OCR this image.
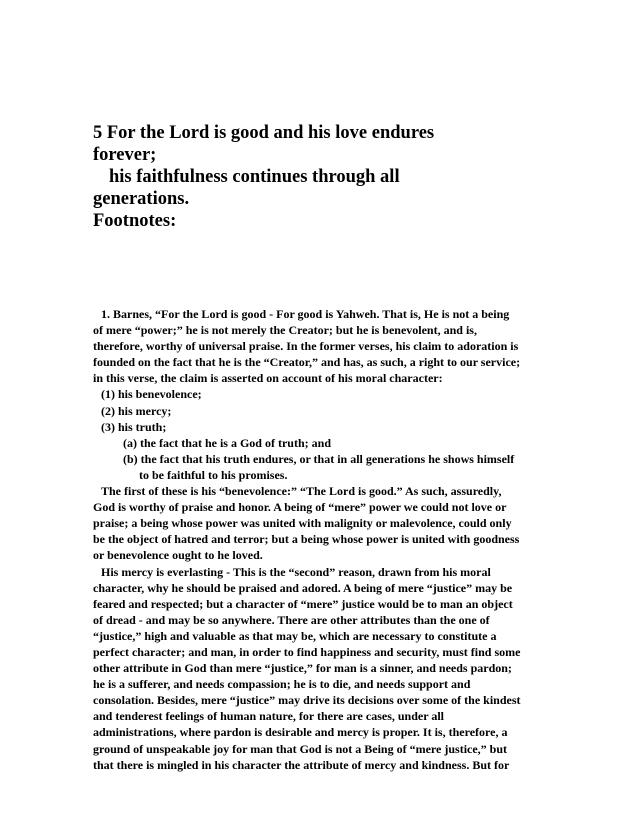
5 For the Lord is good and his love endures
forever;
his faithfulness continues through all
generations.
Footnotes:
1. Barnes, “For the Lord is good - For good is Yahweh. That is, He is not a being
of mere “power;” he is not merely the Creator; but he is benevolent, and is,
therefore, worthy of universal praise. In the former verses, his claim to adoration is
founded on the fact that he is the “Creator,” and has, as such, a right to our service;
in this verse, the claim is asserted on account of his moral character:
(1) his benevolence;
(2) his mercy;
(3) his truth;
(a) the fact that he is a God of truth; and
(b) the fact that his truth endures, or that in all generations he shows himself
to be faithful to his promises.
The first of these is his “benevolence:” “The Lord is good.” As such, assuredly,
God is worthy of praise and honor. A being of “mere” power we could not love or
praise; a being whose power was united with malignity or malevolence, could only
be the object of hatred and terror; but a being whose power is united with goodness
or benevolence ought to he loved.
His mercy is everlasting - This is the “second” reason, drawn from his moral
character, why he should be praised and adored. A being of mere “justice” may be
feared and respected; but a character of “mere” justice would be to man an object
of dread - and may be so anywhere. There are other attributes than the one of
“justice,” high and valuable as that may be, which are necessary to constitute a
perfect character; and man, in order to find happiness and security, must find some
other attribute in God than mere “justice,” for man is a sinner, and needs pardon;
he is a sufferer, and needs compassion; he is to die, and needs support and
consolation. Besides, mere “justice” may drive its decisions over some of the kindest
and tenderest feelings of human nature, for there are cases, under all
administrations, where pardon is desirable and mercy is proper. It is, therefore, a
ground of unspeakable joy for man that God is not a Being of “mere justice,” but
that there is mingled in his character the attribute of mercy and kindness. But for
